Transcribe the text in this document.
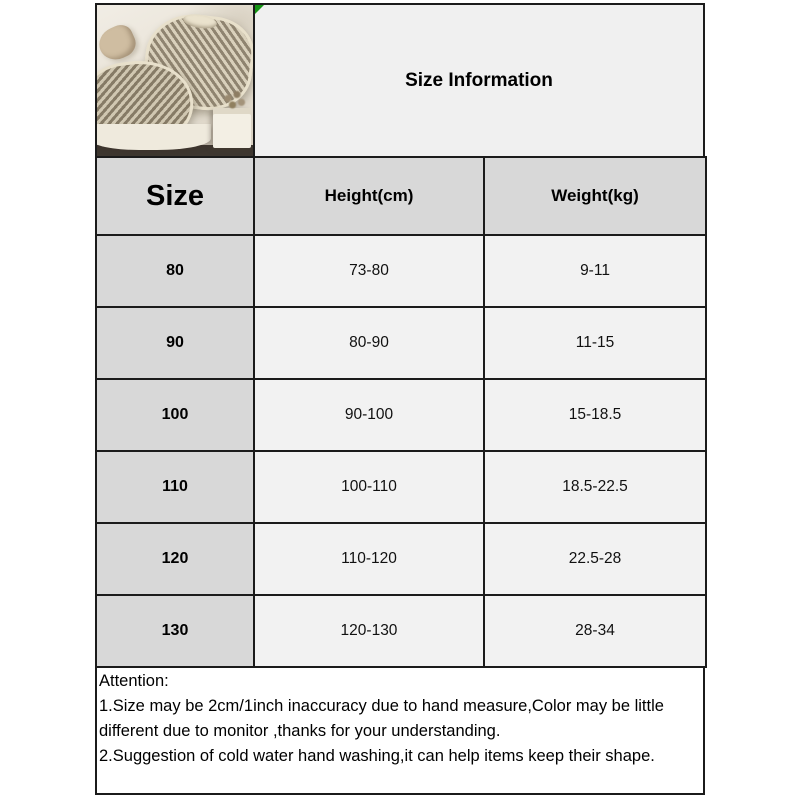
Size Information
Size	Height(cm)	Weight(kg)
80	73-80	9-11
90	80-90	11-15
100	90-100	15-18.5
110	100-110	18.5-22.5
120	110-120	22.5-28
130	120-130	28-34

Attention:

1.Size may be 2cm/1inch inaccuracy due to hand measure,Color may be little different due to monitor ,thanks for your understanding.

2.Suggestion of cold water hand washing,it can help items keep their shape.
